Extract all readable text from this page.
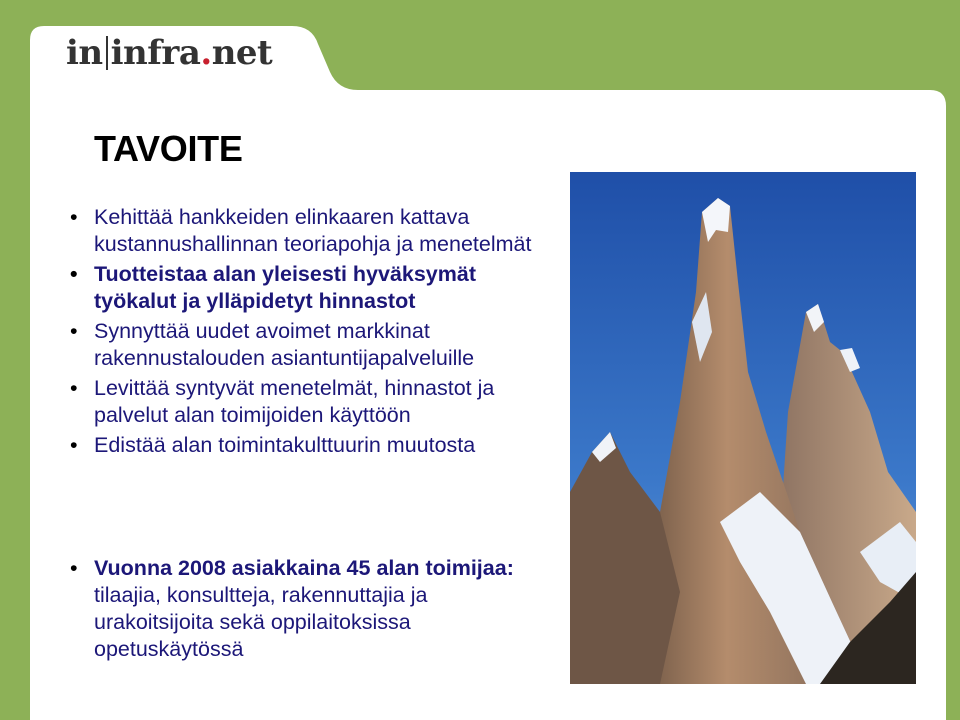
in infra.net
TAVOITE
• Kehittää hankkeiden elinkaaren kattava kustannushallinnan teoriapohja ja menetelmät
• Tuotteistaa alan yleisesti hyväksymät työkalut ja ylläpidetyt hinnastot
• Synnyttää uudet avoimet markkinat rakennustalouden asiantuntijapalveluille
• Levittää syntyvät menetelmät, hinnastot ja palvelut alan toimijoiden käyttöön
• Edistää alan toimintakulttuurin muutosta
• Vuonna 2008 asiakkaina 45 alan toimijaa: tilaajia, konsultteja, rakennuttajia ja urakoitsijoita sekä oppilaitoksissa opetuskäytössä
